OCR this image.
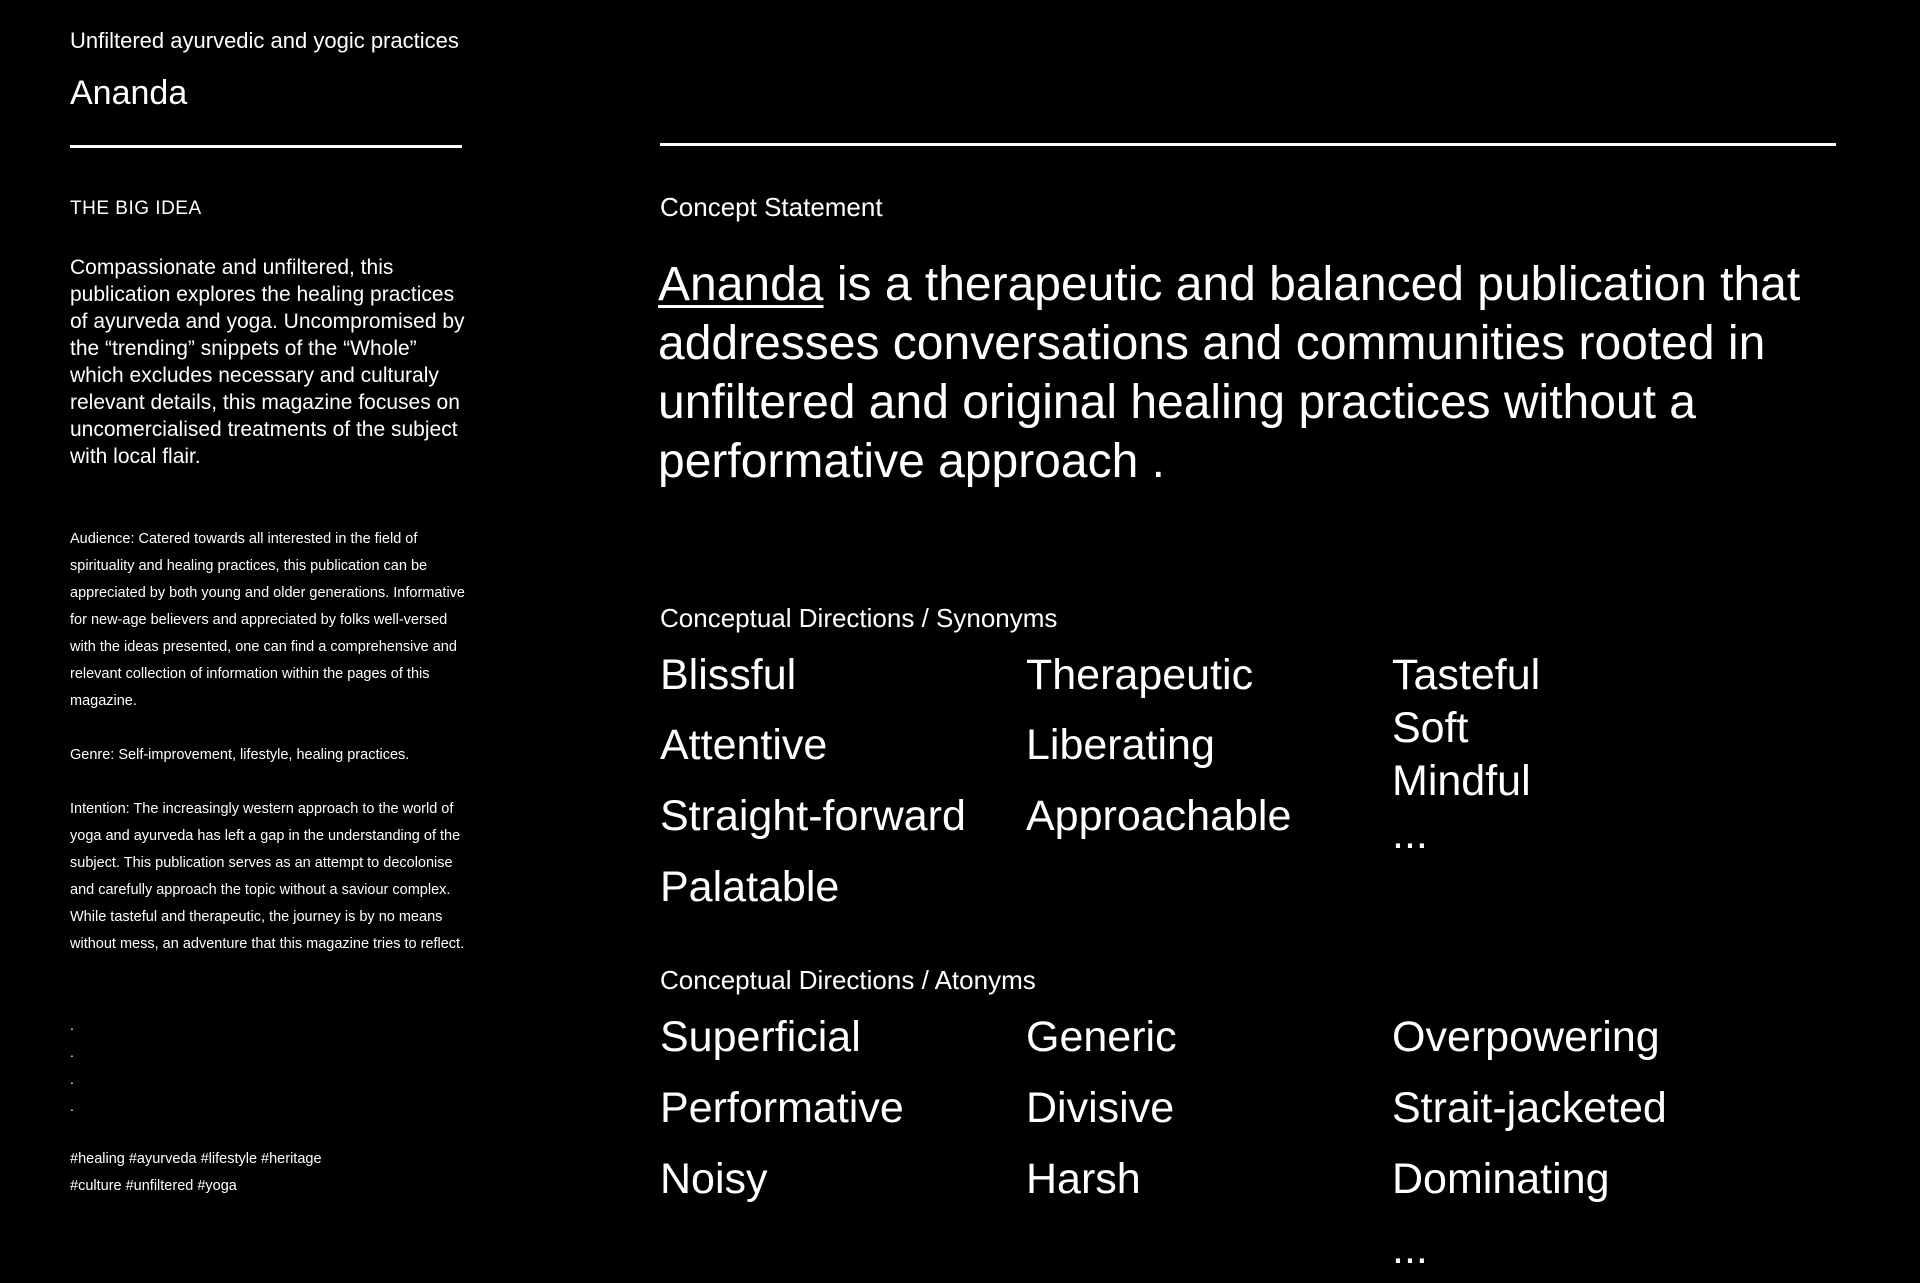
Unfiltered ayurvedic and yogic practices
Ananda
THE BIG IDEA
Compassionate and unfiltered, this publication explores the healing practices of ayurveda and yoga. Uncompromised by the “trending” snippets of the “Whole” which excludes necessary and culturaly relevant details, this magazine focuses on uncomercialised treatments of the subject with local flair.
Audience: Catered towards all interested in the field of spirituality and healing practices, this publication can be appreciated by both young and older generations. Informative for new-age believers and appreciated by folks well-versed with the ideas presented, one can find a comprehensive and relevant collection of information within the pages of this magazine.
Genre: Self-improvement, lifestyle, healing practices.
Intention: The increasingly western approach to the world of yoga and ayurveda has left a gap in the understanding of the subject. This publication serves as an attempt to decolonise and carefully approach the topic without a saviour complex. While tasteful and therapeutic, the journey is by no means without mess, an adventure that this magazine tries to reflect.
.
.
.
.
#healing #ayurveda #lifestyle #heritage
#culture #unfiltered #yoga
Concept Statement
Ananda is a therapeutic and balanced publication that addresses conversations and communities rooted in unfiltered and original healing practices without a performative approach .
Conceptual Directions / Synonyms
Blissful
Attentive
Straight-forward
Palatable
Therapeutic
Liberating
Approachable
Tasteful
Soft
Mindful
...
Conceptual Directions / Atonyms
Superficial
Performative
Noisy
Generic
Divisive
Harsh
Overpowering
Strait-jacketed
Dominating
...
